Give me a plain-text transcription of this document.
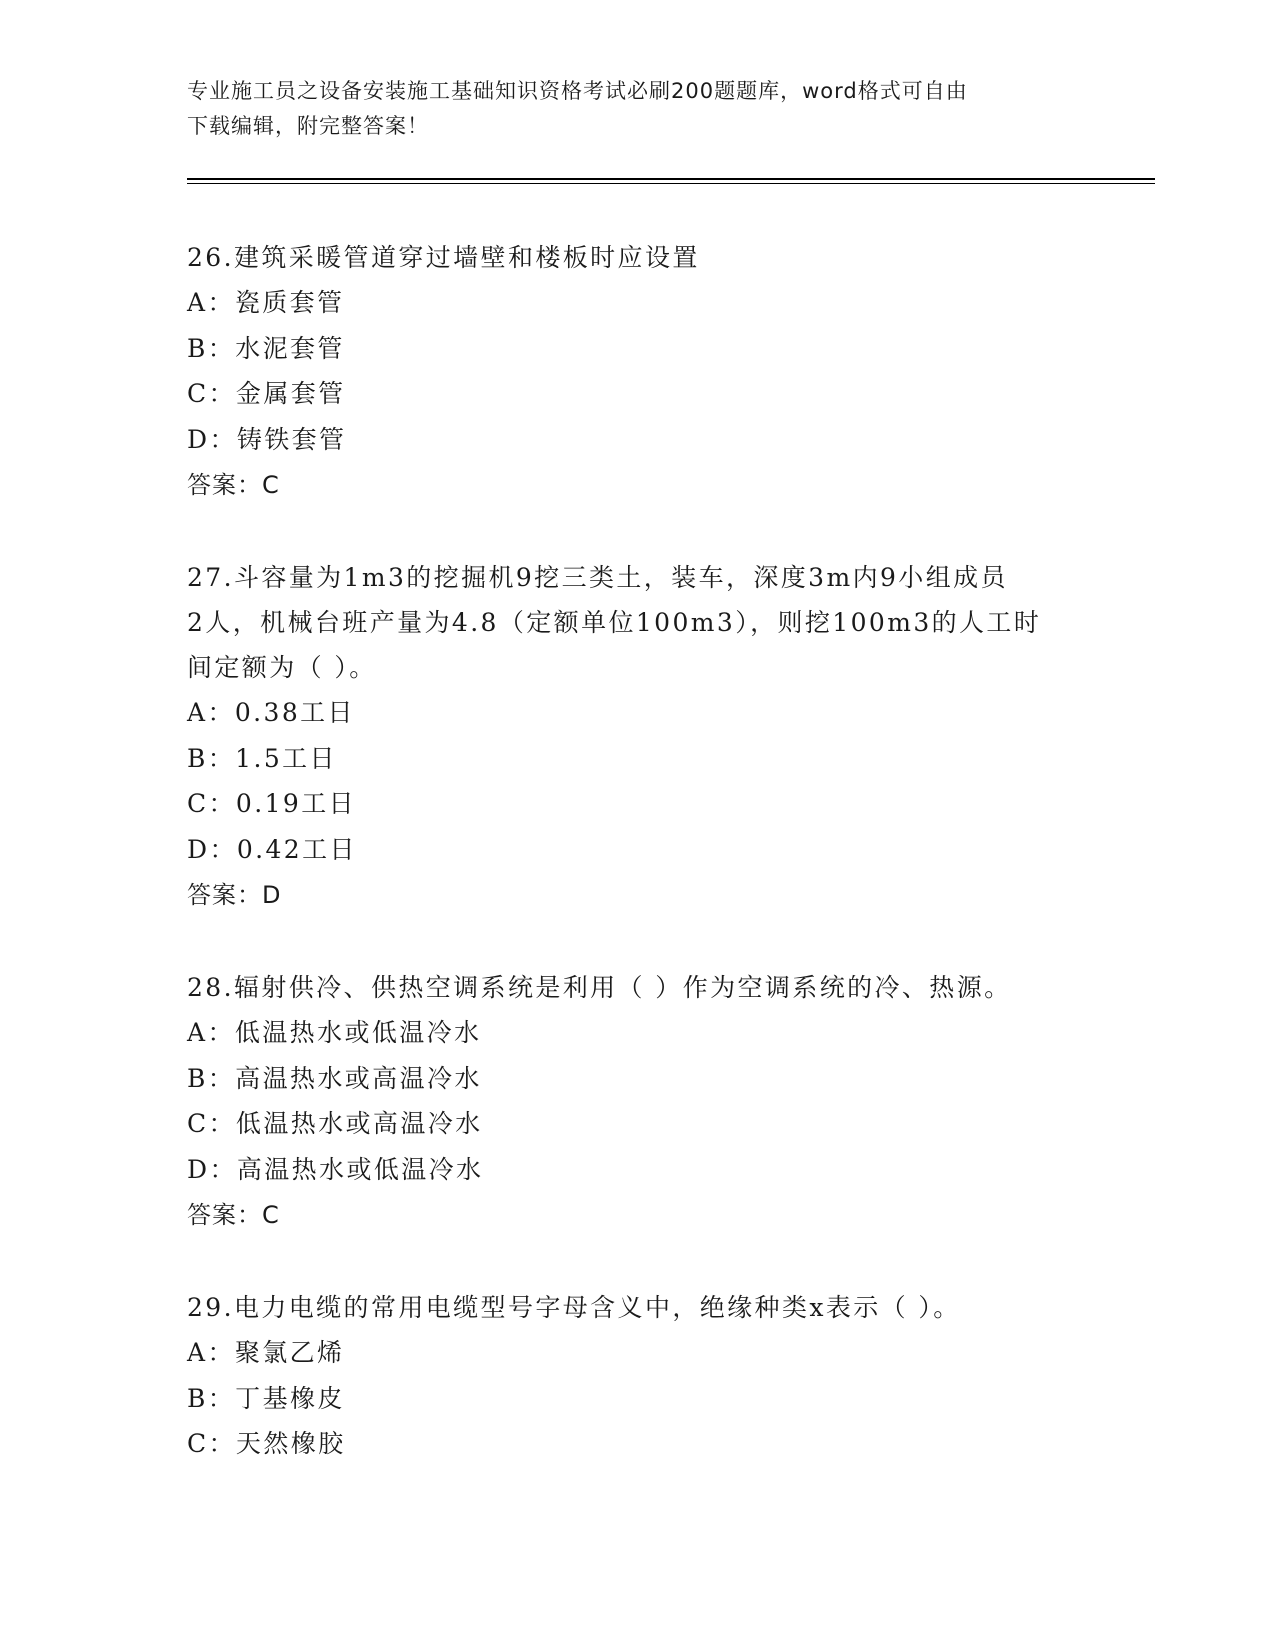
专业施工员之设备安装施工基础知识资格考试必刷200题题库，word格式可自由
下载编辑，附完整答案！

26.建筑采暖管道穿过墙壁和楼板时应设置

A：瓷质套管

B：水泥套管

C：金属套管

D：铸铁套管

答案：C

27.斗容量为1m3的挖掘机9挖三类土，装车，深度3m内9小组成员

2人，机械台班产量为4.8（定额单位100m3），则挖100m3的人工时

间定额为（ ）。

A：0.38工日

B：1.5工日

C：0.19工日

D：0.42工日

答案：D

28.辐射供冷、供热空调系统是利用（ ）作为空调系统的冷、热源。

A：低温热水或低温冷水

B：高温热水或高温冷水

C：低温热水或高温冷水

D：高温热水或低温冷水

答案：C

29.电力电缆的常用电缆型号字母含义中，绝缘种类x表示（ ）。

A：聚氯乙烯

B：丁基橡皮

C：天然橡胶
